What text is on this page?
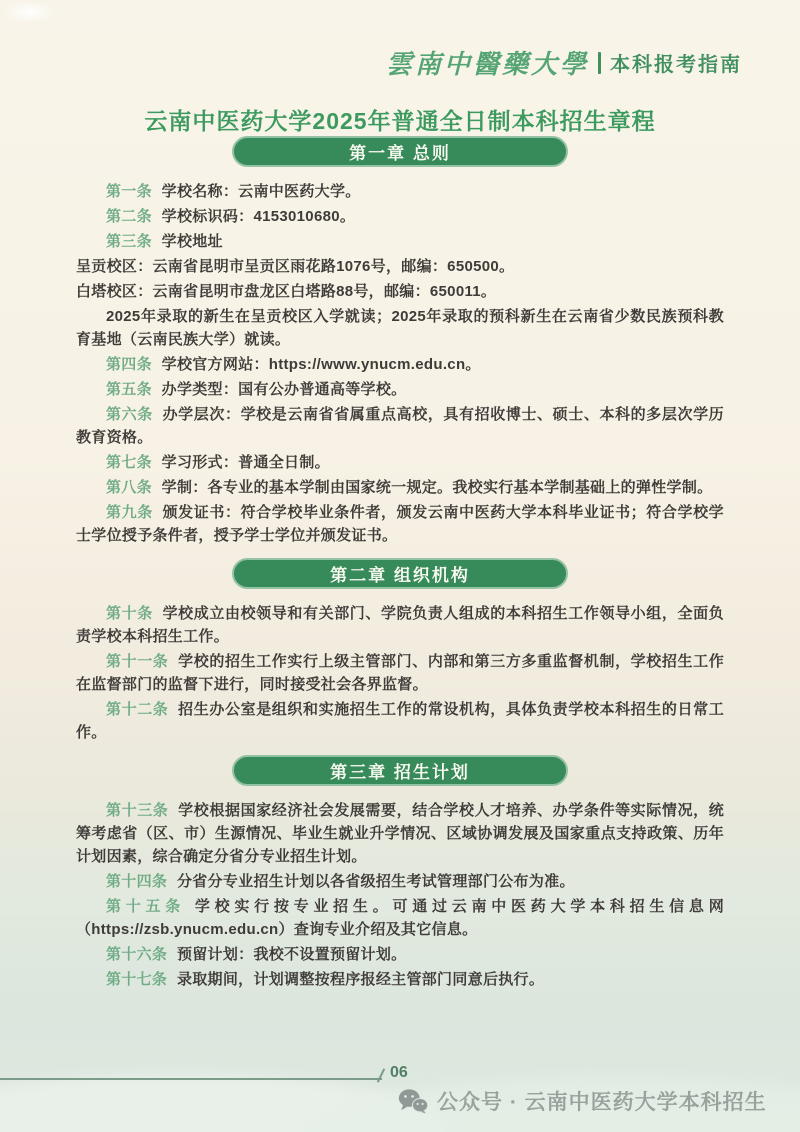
雲南中醫藥大學 本科报考指南
云南中医药大学2025年普通全日制本科招生章程
第一章 总则

第一条 学校名称：云南中医药大学。

第二条 学校标识码：4153010680。

第三条 学校地址

呈贡校区：云南省昆明市呈贡区雨花路1076号，邮编：650500。

白塔校区：云南省昆明市盘龙区白塔路88号，邮编：650011。

2025年录取的新生在呈贡校区入学就读；2025年录取的预科新生在云南省少数民族预科教育基地（云南民族大学）就读。

第四条 学校官方网站：https://www.ynucm.edu.cn。

第五条 办学类型：国有公办普通高等学校。

第六条 办学层次：学校是云南省省属重点高校，具有招收博士、硕士、本科的多层次学历教育资格。

第七条 学习形式：普通全日制。

第八条 学制：各专业的基本学制由国家统一规定。我校实行基本学制基础上的弹性学制。

第九条 颁发证书：符合学校毕业条件者，颁发云南中医药大学本科毕业证书；符合学校学士学位授予条件者，授予学士学位并颁发证书。

第二章 组织机构

第十条 学校成立由校领导和有关部门、学院负责人组成的本科招生工作领导小组，全面负责学校本科招生工作。

第十一条 学校的招生工作实行上级主管部门、内部和第三方多重监督机制，学校招生工作在监督部门的监督下进行，同时接受社会各界监督。

第十二条 招生办公室是组织和实施招生工作的常设机构，具体负责学校本科招生的日常工作。

第三章 招生计划

第十三条 学校根据国家经济社会发展需要，结合学校人才培养、办学条件等实际情况，统筹考虑省（区、市）生源情况、毕业生就业升学情况、区域协调发展及国家重点支持政策、历年计划因素，综合确定分省分专业招生计划。

第十四条 分省分专业招生计划以各省级招生考试管理部门公布为准。

第十五条 学校实行按专业招生。可通过云南中医药大学本科招生信息网（https://zsb.ynucm.edu.cn）查询专业介绍及其它信息。

第十六条 预留计划：我校不设置预留计划。

第十七条 录取期间，计划调整按程序报经主管部门同意后执行。

06
公众号 · 云南中医药大学本科招生
